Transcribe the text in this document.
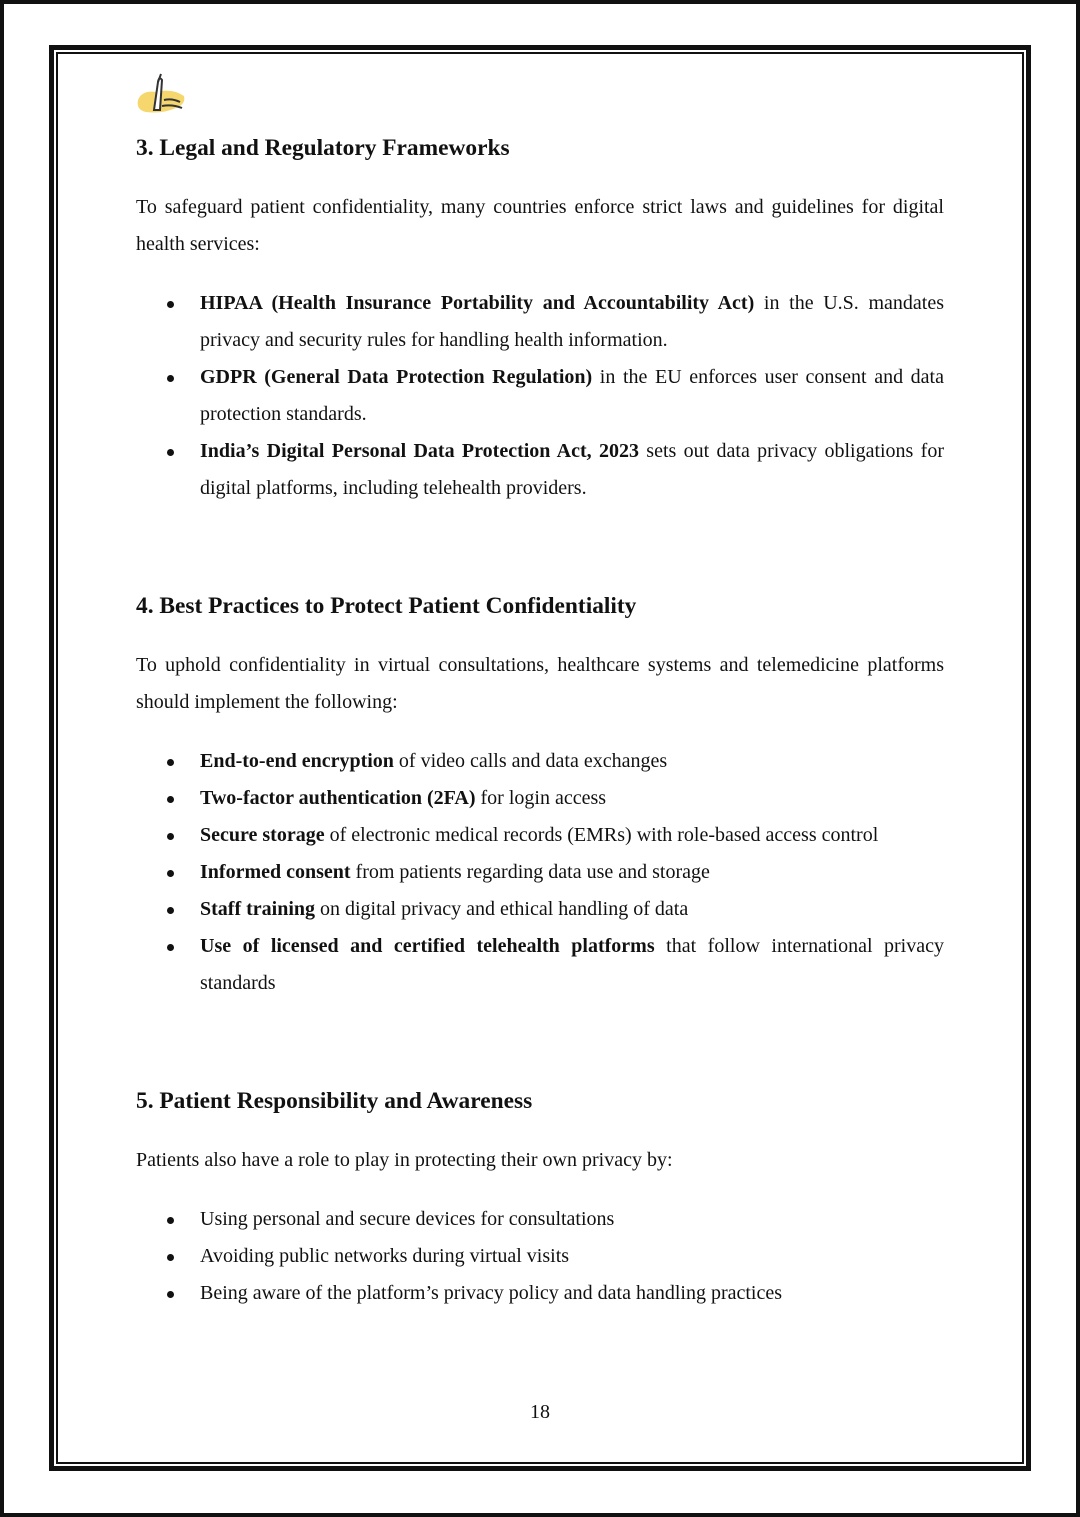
3. Legal and Regulatory Frameworks

To safeguard patient confidentiality, many countries enforce strict laws and guidelines for digital health services:

HIPAA (Health Insurance Portability and Accountability Act) in the U.S. mandates privacy and security rules for handling health information.
GDPR (General Data Protection Regulation) in the EU enforces user consent and data protection standards.
India’s Digital Personal Data Protection Act, 2023 sets out data privacy obligations for digital platforms, including telehealth providers.
4. Best Practices to Protect Patient Confidentiality

To uphold confidentiality in virtual consultations, healthcare systems and telemedicine platforms should implement the following:

End-to-end encryption of video calls and data exchanges
Two-factor authentication (2FA) for login access
Secure storage of electronic medical records (EMRs) with role-based access control
Informed consent from patients regarding data use and storage
Staff training on digital privacy and ethical handling of data
Use of licensed and certified telehealth platforms that follow international privacy standards
5. Patient Responsibility and Awareness

Patients also have a role to play in protecting their own privacy by:

Using personal and secure devices for consultations
Avoiding public networks during virtual visits
Being aware of the platform’s privacy policy and data handling practices
18
